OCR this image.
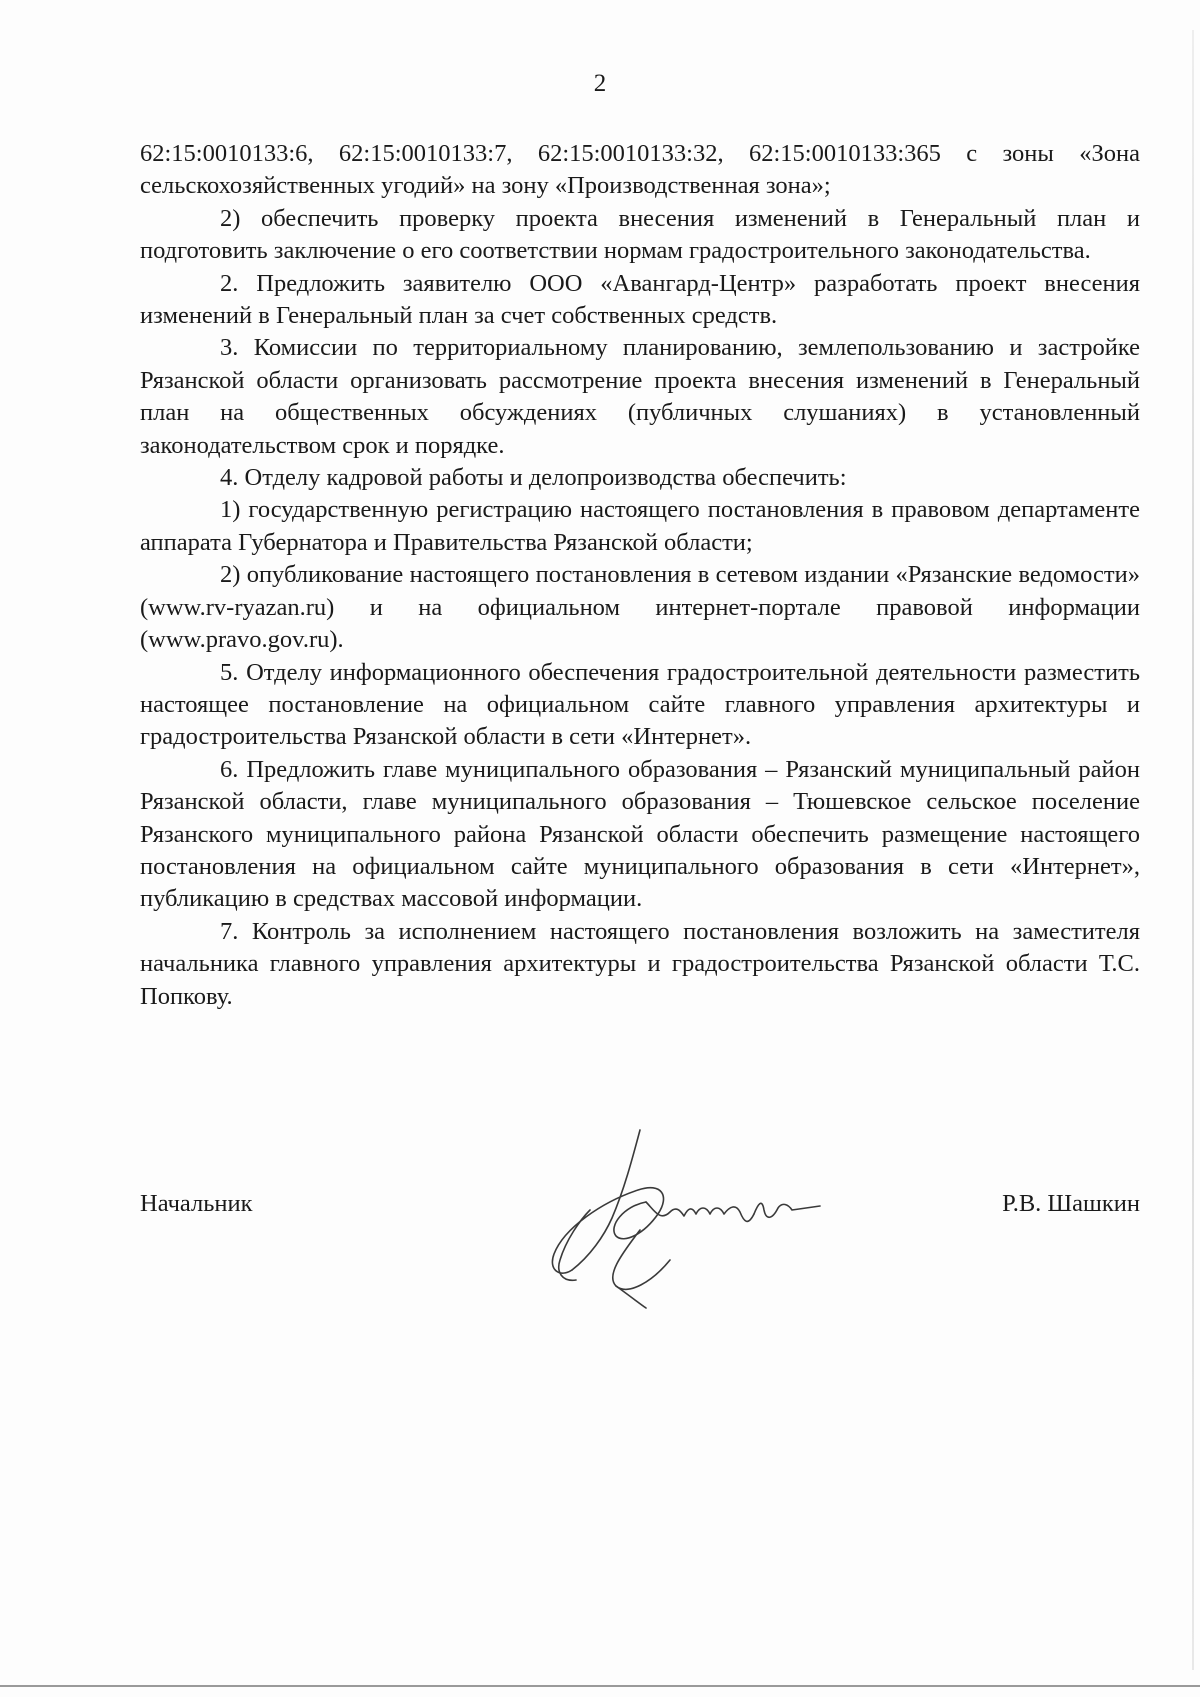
2

62:15:0010133:6, 62:15:0010133:7, 62:15:0010133:32, 62:15:0010133:365 с зоны «Зона сельскохозяйственных угодий» на зону «Производственная зона»;

2) обеспечить проверку проекта внесения изменений в Генеральный план и подготовить заключение о его соответствии нормам градостроительного законодательства.

2. Предложить заявителю ООО «Авангард-Центр» разработать проект внесения изменений в Генеральный план за счет собственных средств.

3. Комиссии по территориальному планированию, землепользованию и застройке Рязанской области организовать рассмотрение проекта внесения изменений в Генеральный план на общественных обсуждениях (публичных слушаниях) в установленный законодательством срок и порядке.

4. Отделу кадровой работы и делопроизводства обеспечить:

1) государственную регистрацию настоящего постановления в правовом департаменте аппарата Губернатора и Правительства Рязанской области;

2) опубликование настоящего постановления в сетевом издании «Рязанские ведомости» (www.rv-ryazan.ru) и на официальном интернет-портале правовой информации (www.pravo.gov.ru).

5. Отделу информационного обеспечения градостроительной деятельности разместить настоящее постановление на официальном сайте главного управления архитектуры и градостроительства Рязанской области в сети «Интернет».

6. Предложить главе муниципального образования – Рязанский муниципальный район Рязанской области, главе муниципального образования – Тюшевское сельское поселение Рязанского муниципального района Рязанской области обеспечить размещение настоящего постановления на официальном сайте муниципального образования в сети «Интернет», публикацию в средствах массовой информации.

7. Контроль за исполнением настоящего постановления возложить на заместителя начальника главного управления архитектуры и градостроительства Рязанской области Т.С. Попкову.

Начальник	Р.В. Шашкин
